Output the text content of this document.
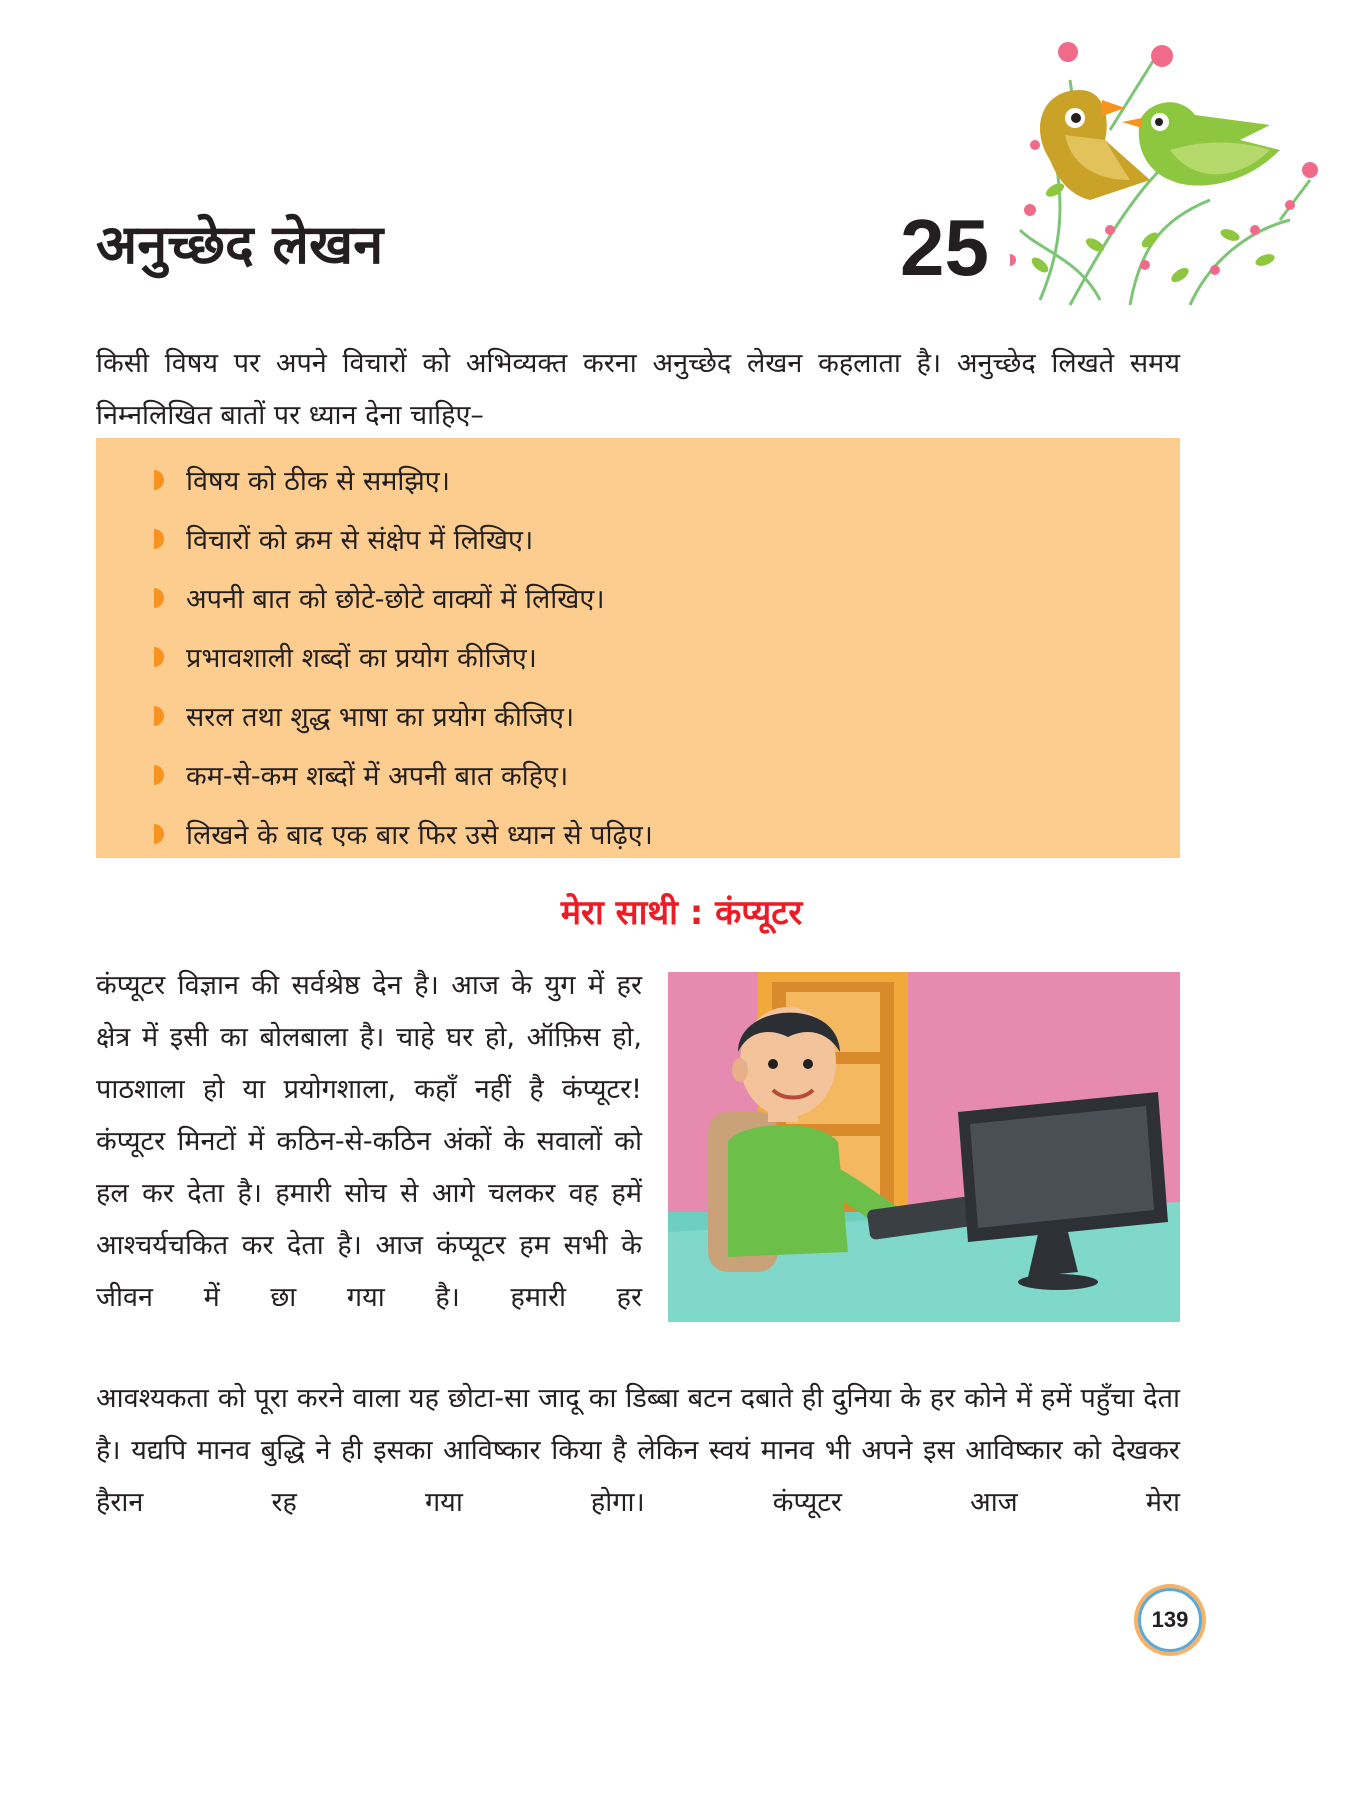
अनुच्छेद लेखन	25

किसी विषय पर अपने विचारों को अभिव्यक्त करना अनुच्छेद लेखन कहलाता है। अनुच्छेद लिखते समय निम्नलिखित बातों पर ध्यान देना चाहिए–

विषय को ठीक से समझिए।
विचारों को क्रम से संक्षेप में लिखिए।
अपनी बात को छोटे-छोटे वाक्यों में लिखिए।
प्रभावशाली शब्दों का प्रयोग कीजिए।
सरल तथा शुद्ध भाषा का प्रयोग कीजिए।
कम-से-कम शब्दों में अपनी बात कहिए।
लिखने के बाद एक बार फिर उसे ध्यान से पढ़िए।
मेरा साथी : कंप्यूटर
कंप्यूटर विज्ञान की सर्वश्रेष्ठ देन है। आज के युग में हर क्षेत्र में इसी का बोलबाला है। चाहे घर हो, ऑफ़िस हो, पाठशाला हो या प्रयोगशाला, कहाँ नहीं है कंप्यूटर! कंप्यूटर मिनटों में कठिन-से-कठिन अंकों के सवालों को हल कर देता है। हमारी सोच से आगे चलकर वह हमें आश्चर्यचकित कर देता है। आज कंप्यूटर हम सभी के जीवन में छा गया है। हमारी हर
आवश्यकता को पूरा करने वाला यह छोटा-सा जादू का डिब्बा बटन दबाते ही दुनिया के हर कोने में हमें पहुँचा देता है। यद्यपि मानव बुद्धि ने ही इसका आविष्कार किया है लेकिन स्वयं मानव भी अपने इस आविष्कार को देखकर हैरान रह गया होगा। कंप्यूटर आज मेरा
139
